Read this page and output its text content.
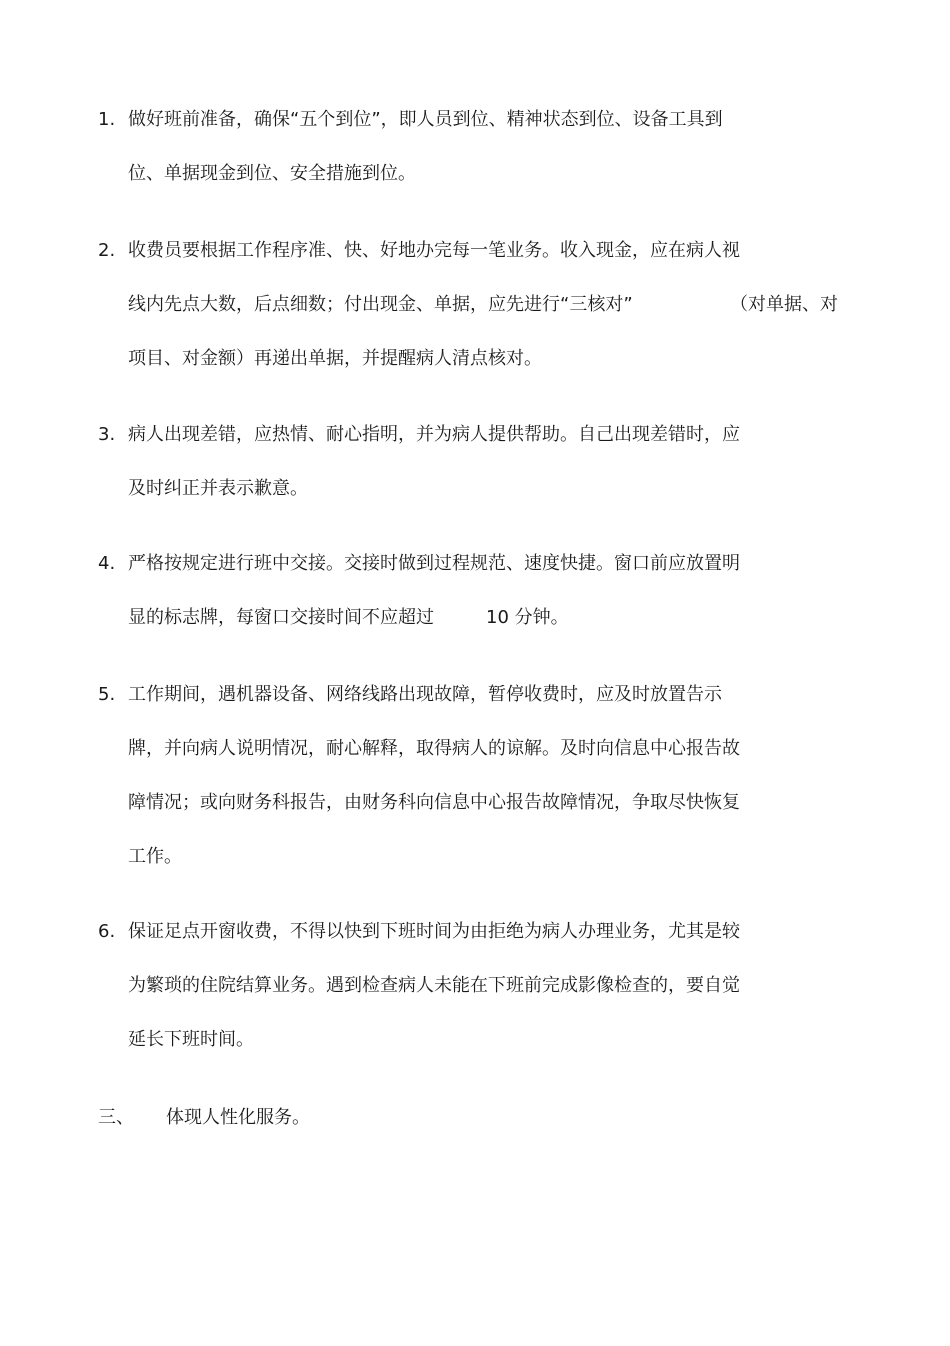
1. 做好班前准备，确保“五个到位”，即人员到位、精神状态到位、设备工具到
位、单据现金到位、安全措施到位。
2. 收费员要根据工作程序准、快、好地办完每一笔业务。收入现金，应在病人视
线内先点大数，后点细数；付出现金、单据，应先进行“三核对”	（对单据、对
项目、对金额）再递出单据，并提醒病人清点核对。
3. 病人出现差错，应热情、耐心指明，并为病人提供帮助。自己出现差错时，应
及时纠正并表示歉意。
4. 严格按规定进行班中交接。交接时做到过程规范、速度快捷。窗口前应放置明
显的标志牌，每窗口交接时间不应超过	10 分钟。
5. 工作期间，遇机器设备、网络线路出现故障，暂停收费时，应及时放置告示
牌，并向病人说明情况，耐心解释，取得病人的谅解。及时向信息中心报告故
障情况；或向财务科报告，由财务科向信息中心报告故障情况，争取尽快恢复
工作。
6. 保证足点开窗收费，不得以快到下班时间为由拒绝为病人办理业务，尤其是较
为繁琐的住院结算业务。遇到检查病人未能在下班前完成影像检查的，要自觉
延长下班时间。
三、 体现人性化服务。
